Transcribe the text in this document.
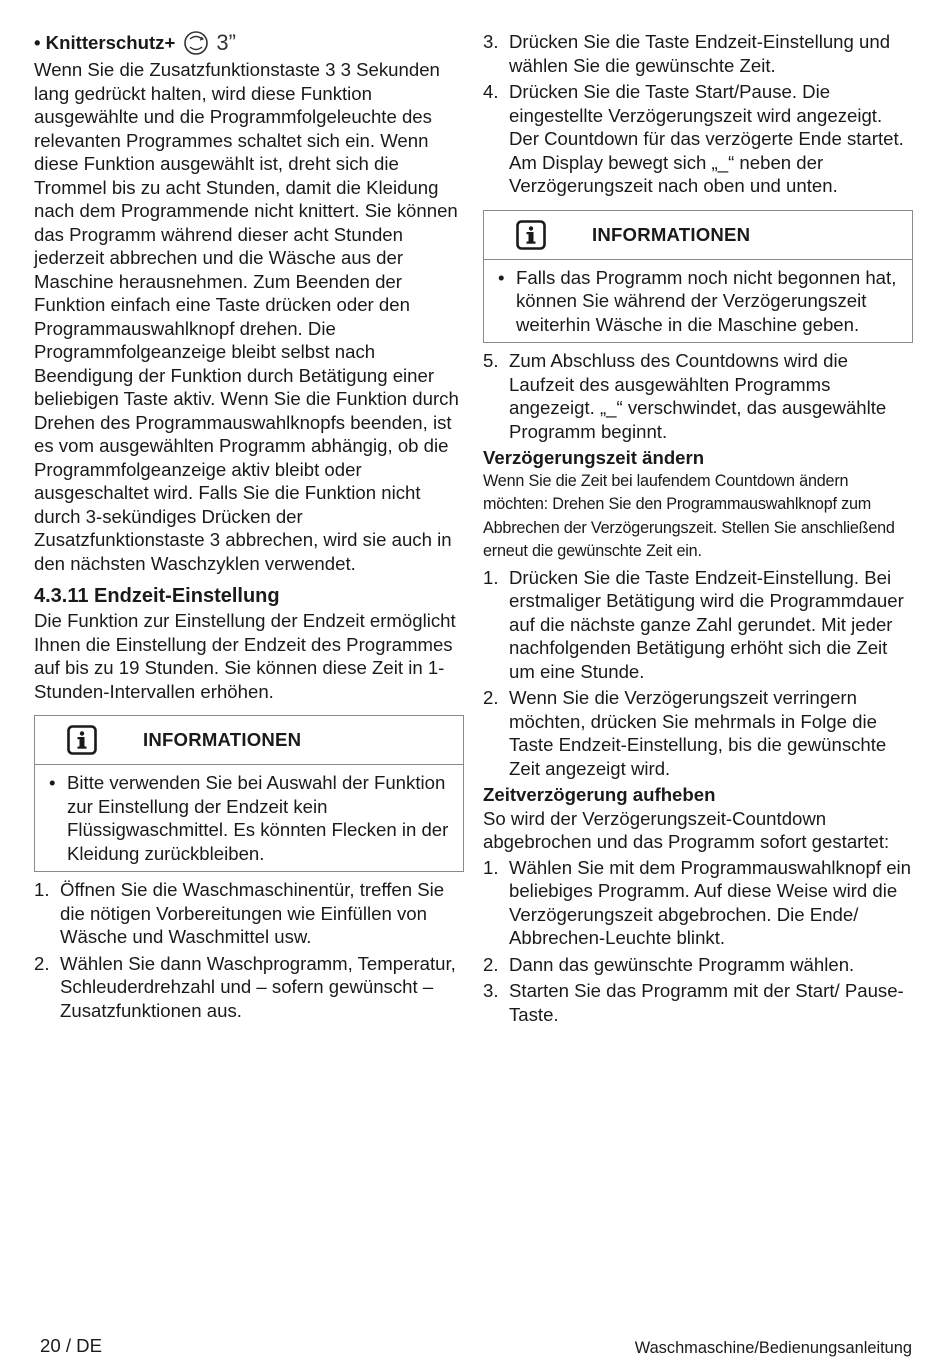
• Knitterschutz+ 3”

Wenn Sie die Zusatzfunktionstaste 3 3 Sekunden lang gedrückt halten, wird diese Funktion ausgewählte und die Programmfolgeleuchte des relevanten Programmes schaltet sich ein. Wenn diese Funktion ausgewählt ist, dreht sich die Trommel bis zu acht Stunden, damit die Kleidung nach dem Programmende nicht knittert. Sie können das Programm während dieser acht Stunden jederzeit abbrechen und die Wäsche aus der Maschine herausnehmen. Zum Beenden der Funktion einfach eine Taste drücken oder den Programmauswahlknopf drehen. Die Programmfolgeanzeige bleibt selbst nach Beendigung der Funktion durch Betätigung einer beliebigen Taste aktiv. Wenn Sie die Funktion durch Drehen des Programmauswahlknopfs beenden, ist es vom ausgewählten Programm abhängig, ob die Programmfolgeanzeige aktiv bleibt oder ausgeschaltet wird. Falls Sie die Funktion nicht durch 3-sekündiges Drücken der Zusatzfunktionstaste 3 abbrechen, wird sie auch in den nächsten Waschzyklen verwendet.

4.3.11 Endzeit-Einstellung

Die Funktion zur Einstellung der Endzeit ermöglicht Ihnen die Einstellung der Endzeit des Programmes auf bis zu 19 Stunden. Sie können diese Zeit in 1-Stunden-Intervallen erhöhen.

INFORMATIONEN
• Bitte verwenden Sie bei Auswahl der Funktion zur Einstellung der Endzeit kein Flüssigwaschmittel. Es könnten Flecken in der Kleidung zurückbleiben.
1. Öffnen Sie die Waschmaschinentür, treffen Sie die nötigen Vorbereitungen wie Einfüllen von Wäsche und Waschmittel usw.
2. Wählen Sie dann Waschprogramm, Temperatur, Schleuderdrehzahl und – sofern gewünscht – Zusatzfunktionen aus.
3. Drücken Sie die Taste Endzeit-Einstellung und wählen Sie die gewünschte Zeit.
4. Drücken Sie die Taste Start/Pause. Die eingestellte Verzögerungszeit wird angezeigt. Der Countdown für das verzögerte Ende startet. Am Display bewegt sich „_“ neben der Verzögerungszeit nach oben und unten.
INFORMATIONEN
• Falls das Programm noch nicht begonnen hat, können Sie während der Verzögerungszeit weiterhin Wäsche in die Maschine geben.
5. Zum Abschluss des Countdowns wird die Laufzeit des ausgewählten Programms angezeigt. „_“ verschwindet, das ausgewählte Programm beginnt.
Verzögerungszeit ändern

Wenn Sie die Zeit bei laufendem Countdown ändern möchten: Drehen Sie den Programmauswahlknopf zum Abbrechen der Verzögerungszeit. Stellen Sie anschließend erneut die gewünschte Zeit ein.

1. Drücken Sie die Taste Endzeit-Einstellung. Bei erstmaliger Betätigung wird die Programmdauer auf die nächste ganze Zahl gerundet. Mit jeder nachfolgenden Betätigung erhöht sich die Zeit um eine Stunde.
2. Wenn Sie die Verzögerungszeit verringern möchten, drücken Sie mehrmals in Folge die Taste Endzeit-Einstellung, bis die gewünschte Zeit angezeigt wird.
Zeitverzögerung aufheben

So wird der Verzögerungszeit-Countdown abgebrochen und das Programm sofort gestartet:

1. Wählen Sie mit dem Programmauswahlknopf ein beliebiges Programm. Auf diese Weise wird die Verzögerungszeit abgebrochen. Die Ende/ Abbrechen-Leuchte blinkt.
2. Dann das gewünschte Programm wählen.
3. Starten Sie das Programm mit der Start/ Pause-Taste.
20 / DE	Waschmaschine/Bedienungsanleitung
